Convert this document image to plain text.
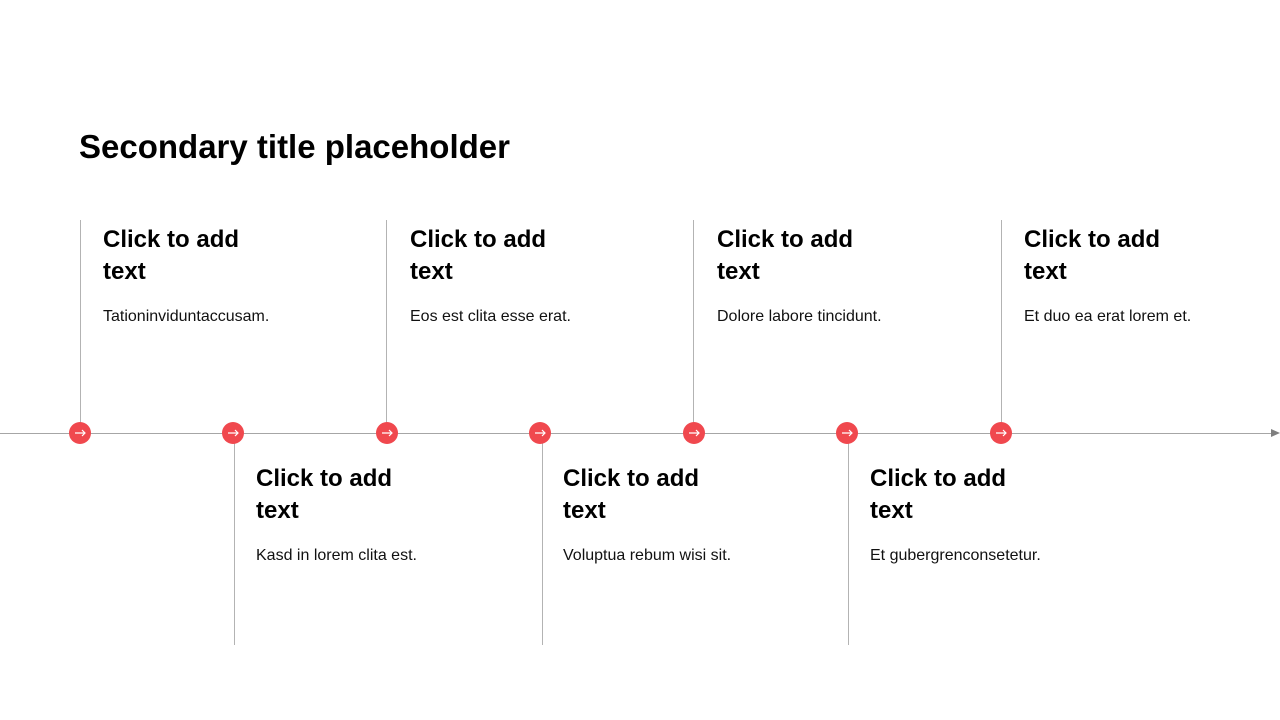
Secondary title placeholder
Click to add text
Tationinviduntaccusam.
Click to add text
Kasd in lorem clita est.
Click to add text
Eos est clita esse erat.
Click to add text
Voluptua rebum wisi sit.
Click to add text
Dolore labore tincidunt.
Click to add text
Et gubergrenconsetetur.
Click to add text
Et duo ea erat lorem et.
